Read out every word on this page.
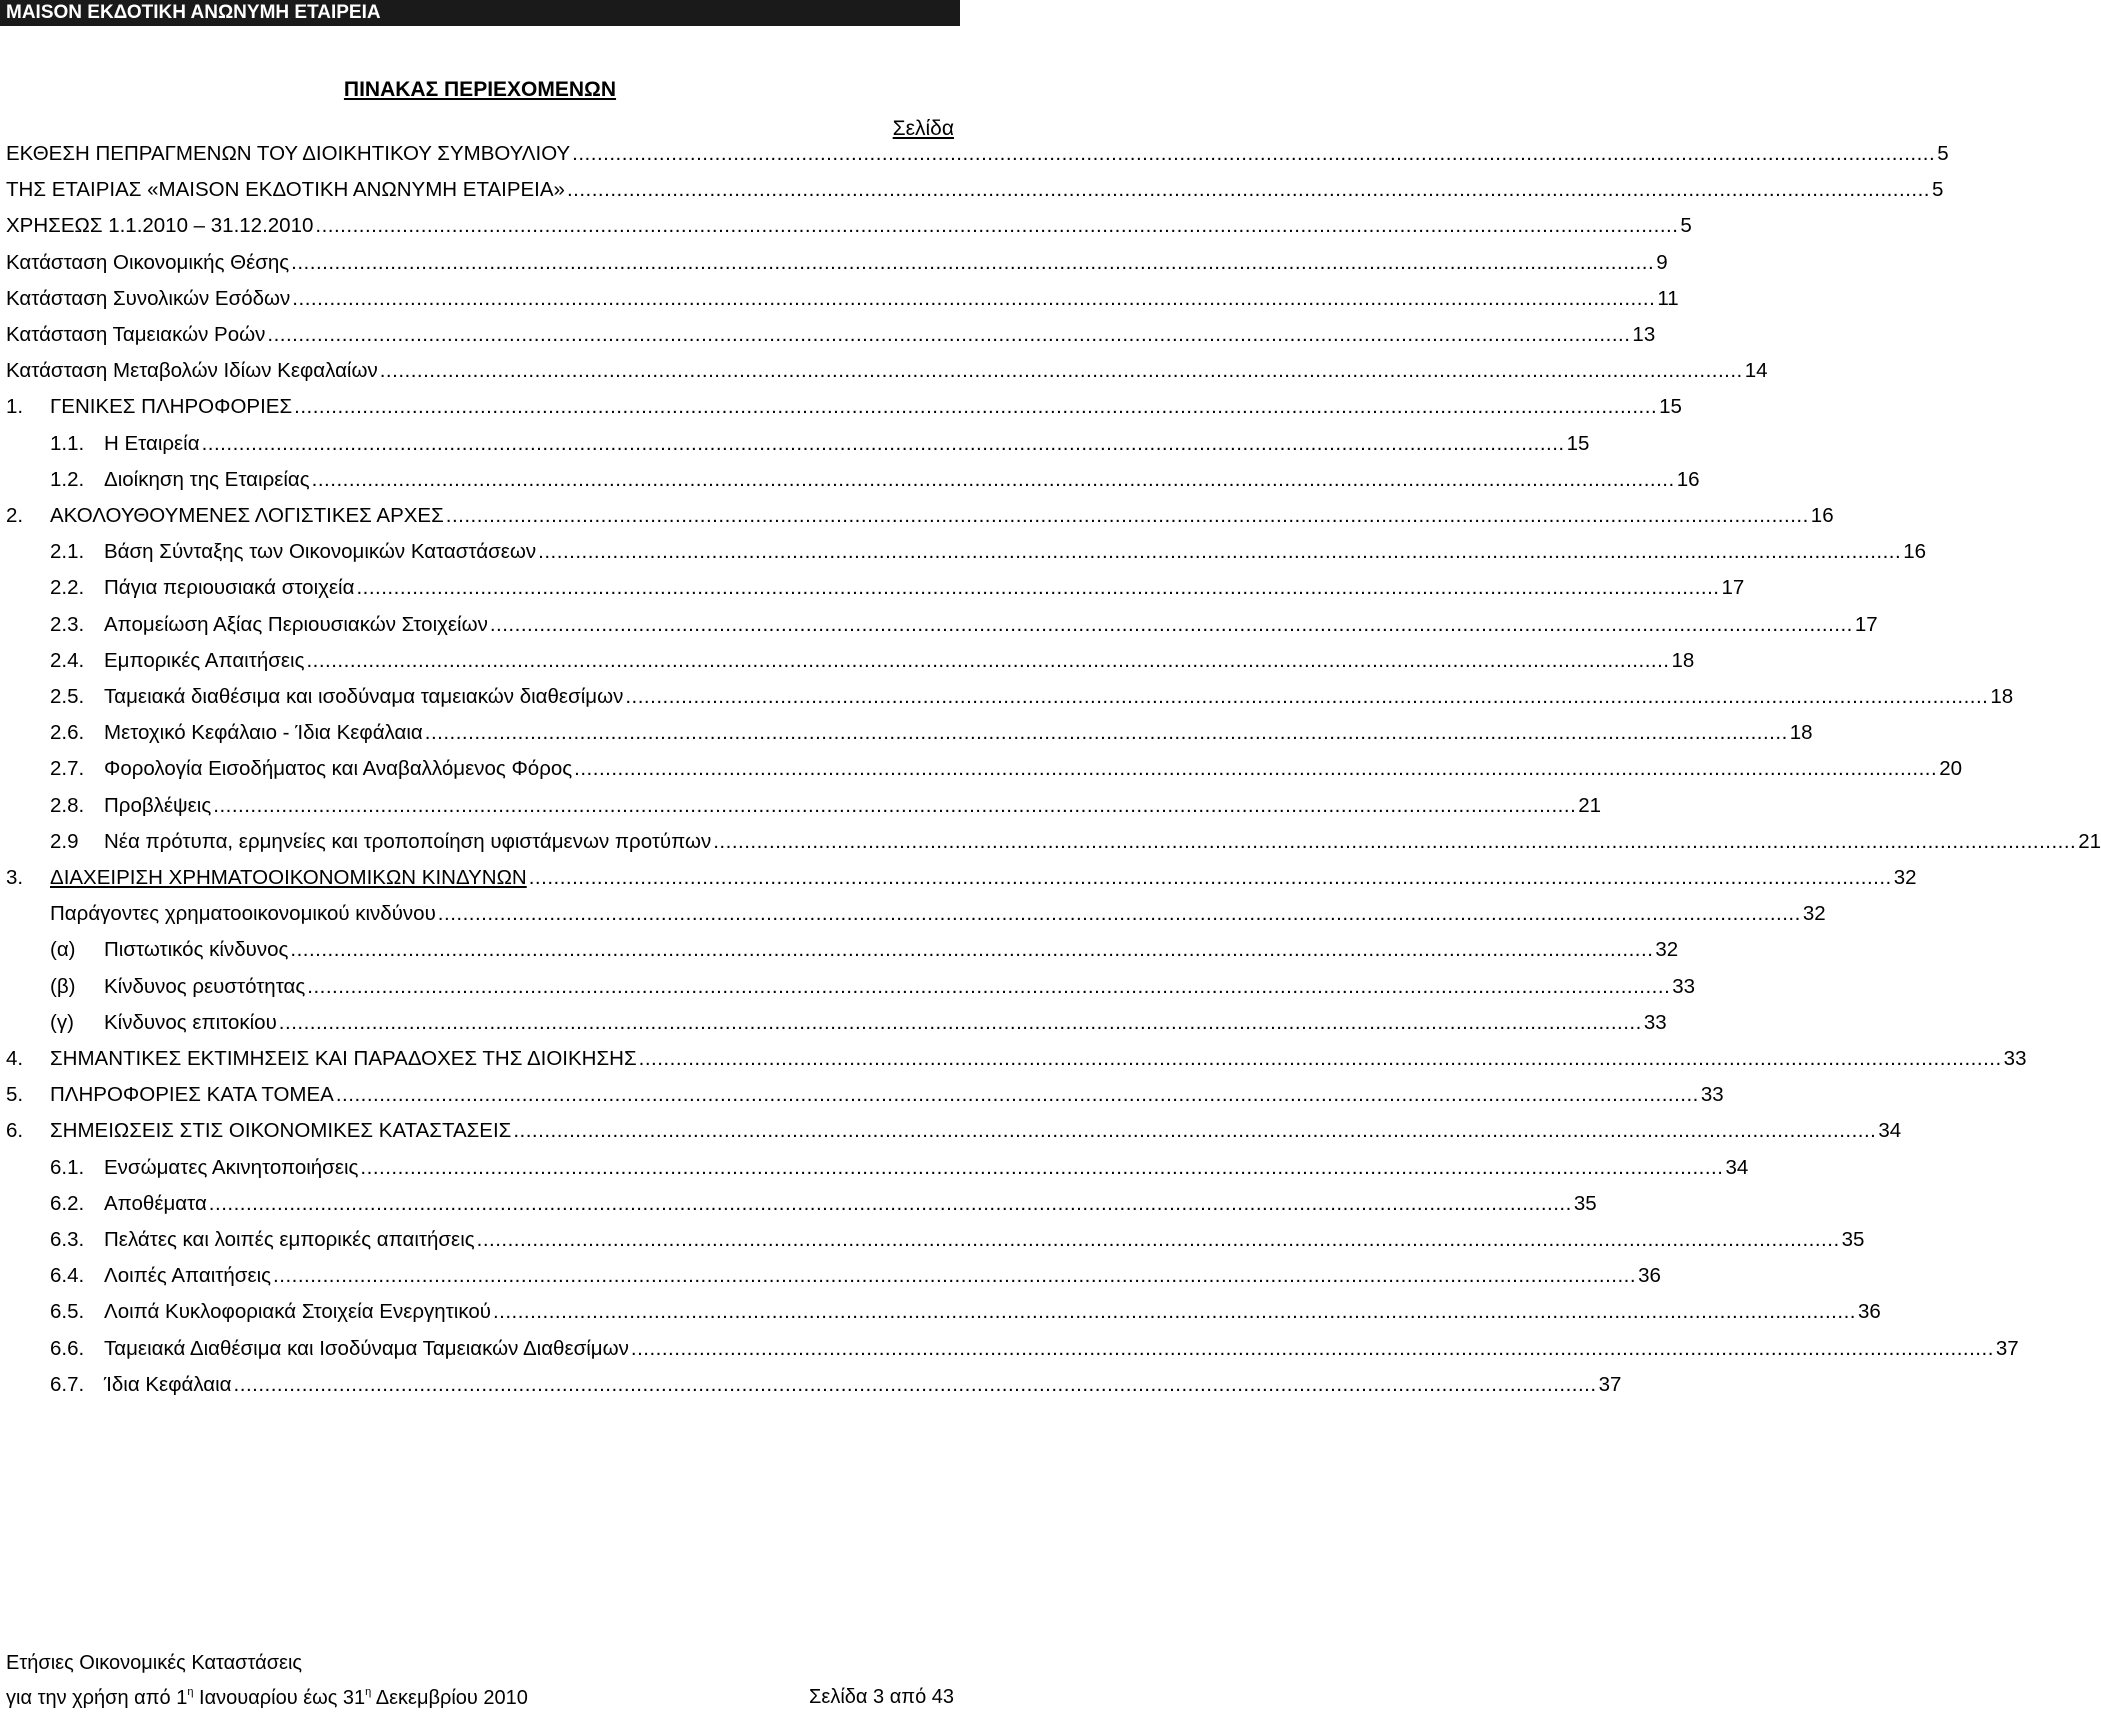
MAISON ΕΚΔΟΤΙΚΗ ΑΝΩΝΥΜΗ ΕΤΑΙΡΕΙΑ
ΠΙΝΑΚΑΣ ΠΕΡΙΕΧΟΜΕΝΩΝ
Σελίδα
ΕΚΘΕΣΗ ΠΕΠΡΑΓΜΕΝΩΝ ΤΟΥ ΔΙΟΙΚΗΤΙΚΟΥ ΣΥΜΒΟΥΛΙΟΥ ............................................................................................................................................................................................................................ 5
ΤΗΣ ΕΤΑΙΡΙΑΣ «MAISON ΕΚΔΟΤΙΚΗ ΑΝΩΝΥΜΗ ΕΤΑΙΡΕΙΑ» ............................................................................................................................................................................................................................ 5
ΧΡΗΣΕΩΣ 1.1.2010 – 31.12.2010 ............................................................................................................................................................................................................................ 5
Κατάσταση Οικονομικής Θέσης ............................................................................................................................................................................................................................ 9
Κατάσταση Συνολικών Εσόδων ............................................................................................................................................................................................................................ 11
Κατάσταση Ταμειακών Ροών ............................................................................................................................................................................................................................ 13
Κατάσταση Μεταβολών Ιδίων Κεφαλαίων ............................................................................................................................................................................................................................ 14
1. ΓΕΝΙΚΕΣ ΠΛΗΡΟΦΟΡΙΕΣ ............................................................................................................................................................................................................................ 15
1.1. Η Εταιρεία ............................................................................................................................................................................................................................ 15
1.2. Διοίκηση της Εταιρείας ............................................................................................................................................................................................................................ 16
2. ΑΚΟΛΟΥΘΟΥΜΕΝΕΣ ΛΟΓΙΣΤΙΚΕΣ ΑΡΧΕΣ ............................................................................................................................................................................................................................ 16
2.1. Βάση Σύνταξης των Οικονομικών Καταστάσεων ............................................................................................................................................................................................................................ 16
2.2. Πάγια περιουσιακά στοιχεία ............................................................................................................................................................................................................................ 17
2.3. Απομείωση Αξίας Περιουσιακών Στοιχείων ............................................................................................................................................................................................................................ 17
2.4. Εμπορικές Απαιτήσεις ............................................................................................................................................................................................................................ 18
2.5. Ταμειακά διαθέσιμα και ισοδύναμα ταμειακών διαθεσίμων ............................................................................................................................................................................................................................ 18
2.6. Μετοχικό Κεφάλαιο - Ίδια Κεφάλαια ............................................................................................................................................................................................................................ 18
2.7. Φορολογία Εισοδήματος και Αναβαλλόμενος Φόρος ............................................................................................................................................................................................................................ 20
2.8. Προβλέψεις ............................................................................................................................................................................................................................ 21
2.9 Νέα πρότυπα, ερμηνείες και τροποποίηση υφιστάμενων προτύπων ............................................................................................................................................................................................................................ 21
3. ΔΙΑΧΕΙΡΙΣΗ ΧΡΗΜΑΤΟΟΙΚΟΝΟΜΙΚΩΝ ΚΙΝΔΥΝΩΝ ............................................................................................................................................................................................................................ 32
Παράγοντες χρηματοοικονομικού κινδύνου ............................................................................................................................................................................................................................ 32
(α) Πιστωτικός κίνδυνος ............................................................................................................................................................................................................................ 32
(β) Κίνδυνος ρευστότητας ............................................................................................................................................................................................................................ 33
(γ) Κίνδυνος επιτοκίου ............................................................................................................................................................................................................................ 33
4. ΣΗΜΑΝΤΙΚΕΣ ΕΚΤΙΜΗΣΕΙΣ ΚΑΙ ΠΑΡΑΔΟΧΕΣ ΤΗΣ ΔΙΟΙΚΗΣΗΣ ............................................................................................................................................................................................................................ 33
5. ΠΛΗΡΟΦΟΡΙΕΣ ΚΑΤΑ ΤΟΜΕΑ ............................................................................................................................................................................................................................ 33
6. ΣΗΜΕΙΩΣΕΙΣ ΣΤΙΣ ΟΙΚΟΝΟΜΙΚΕΣ ΚΑΤΑΣΤΑΣΕΙΣ ............................................................................................................................................................................................................................ 34
6.1. Ενσώματες Ακινητοποιήσεις ............................................................................................................................................................................................................................ 34
6.2. Αποθέματα ............................................................................................................................................................................................................................ 35
6.3. Πελάτες και λοιπές εμπορικές απαιτήσεις ............................................................................................................................................................................................................................ 35
6.4. Λοιπές Απαιτήσεις ............................................................................................................................................................................................................................ 36
6.5. Λοιπά Κυκλοφοριακά Στοιχεία Ενεργητικού ............................................................................................................................................................................................................................ 36
6.6. Ταμειακά Διαθέσιμα και Ισοδύναμα Ταμειακών Διαθεσίμων ............................................................................................................................................................................................................................ 37
6.7. Ίδια Κεφάλαια ............................................................................................................................................................................................................................ 37
Ετήσιες Οικονομικές Καταστάσεις
για την χρήση από $1^\eta$ Ιανουαρίου έως $31^\eta$ Δεκεμβρίου 2010	Σελίδα 3 από 43
